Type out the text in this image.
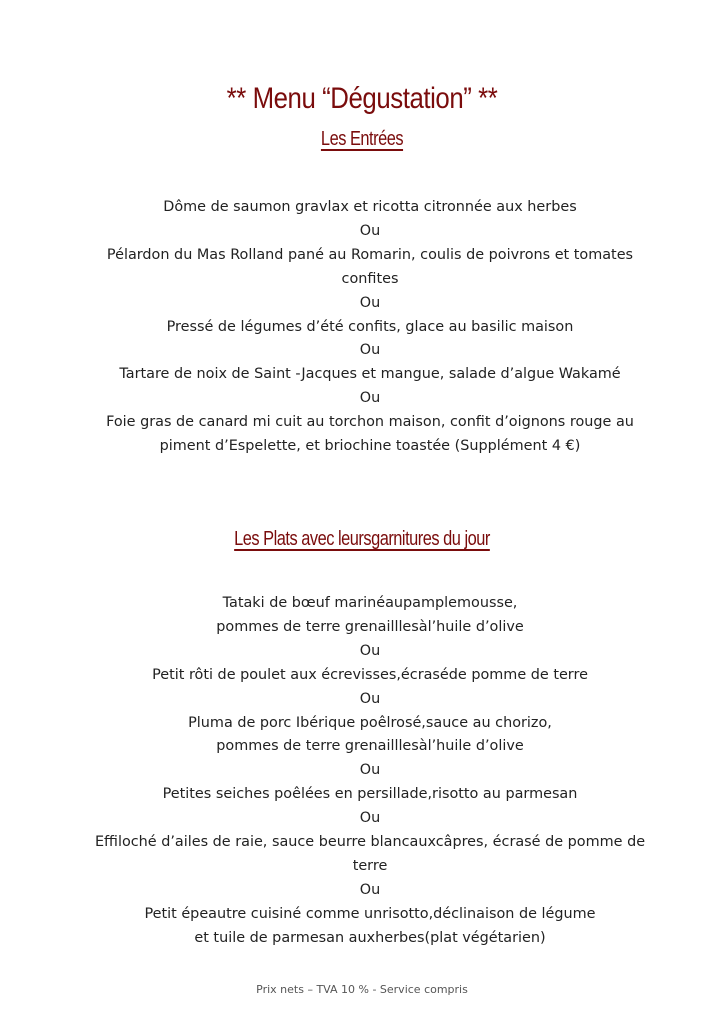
** Menu “Dégustation” **
Les Entrées
Dôme de saumon gravlax et ricotta citronnée aux herbes
Ou
Pélardon du Mas Rolland pané au Romarin, coulis de poivrons et tomates
confites
Ou
Pressé de légumes d’été confits, glace au basilic maison
Ou
Tartare de noix de Saint -Jacques et mangue, salade d’algue Wakamé
Ou
Foie gras de canard mi cuit au torchon maison, confit d’oignons rouge au
piment d’Espelette, et briochine toastée (Supplément 4 €)
Les Plats avec leursgarnitures du jour
Tataki de bœuf marinéaupamplemousse,
pommes de terre grenailllesàl’huile d’olive
Ou
Petit rôti de poulet aux écrevisses,écraséde pomme de terre
Ou
Pluma de porc Ibérique poêlrosé,sauce au chorizo,
pommes de terre grenailllesàl’huile d’olive
Ou
Petites seiches poêlées en persillade,risotto au parmesan
Ou
Effiloché d’ailes de raie, sauce beurre blancauxcâpres, écrasé de pomme de
terre
Ou
Petit épeautre cuisiné comme unrisotto,déclinaison de légume
et tuile de parmesan auxherbes(plat végétarien)
Prix nets – TVA 10 % - Service compris
